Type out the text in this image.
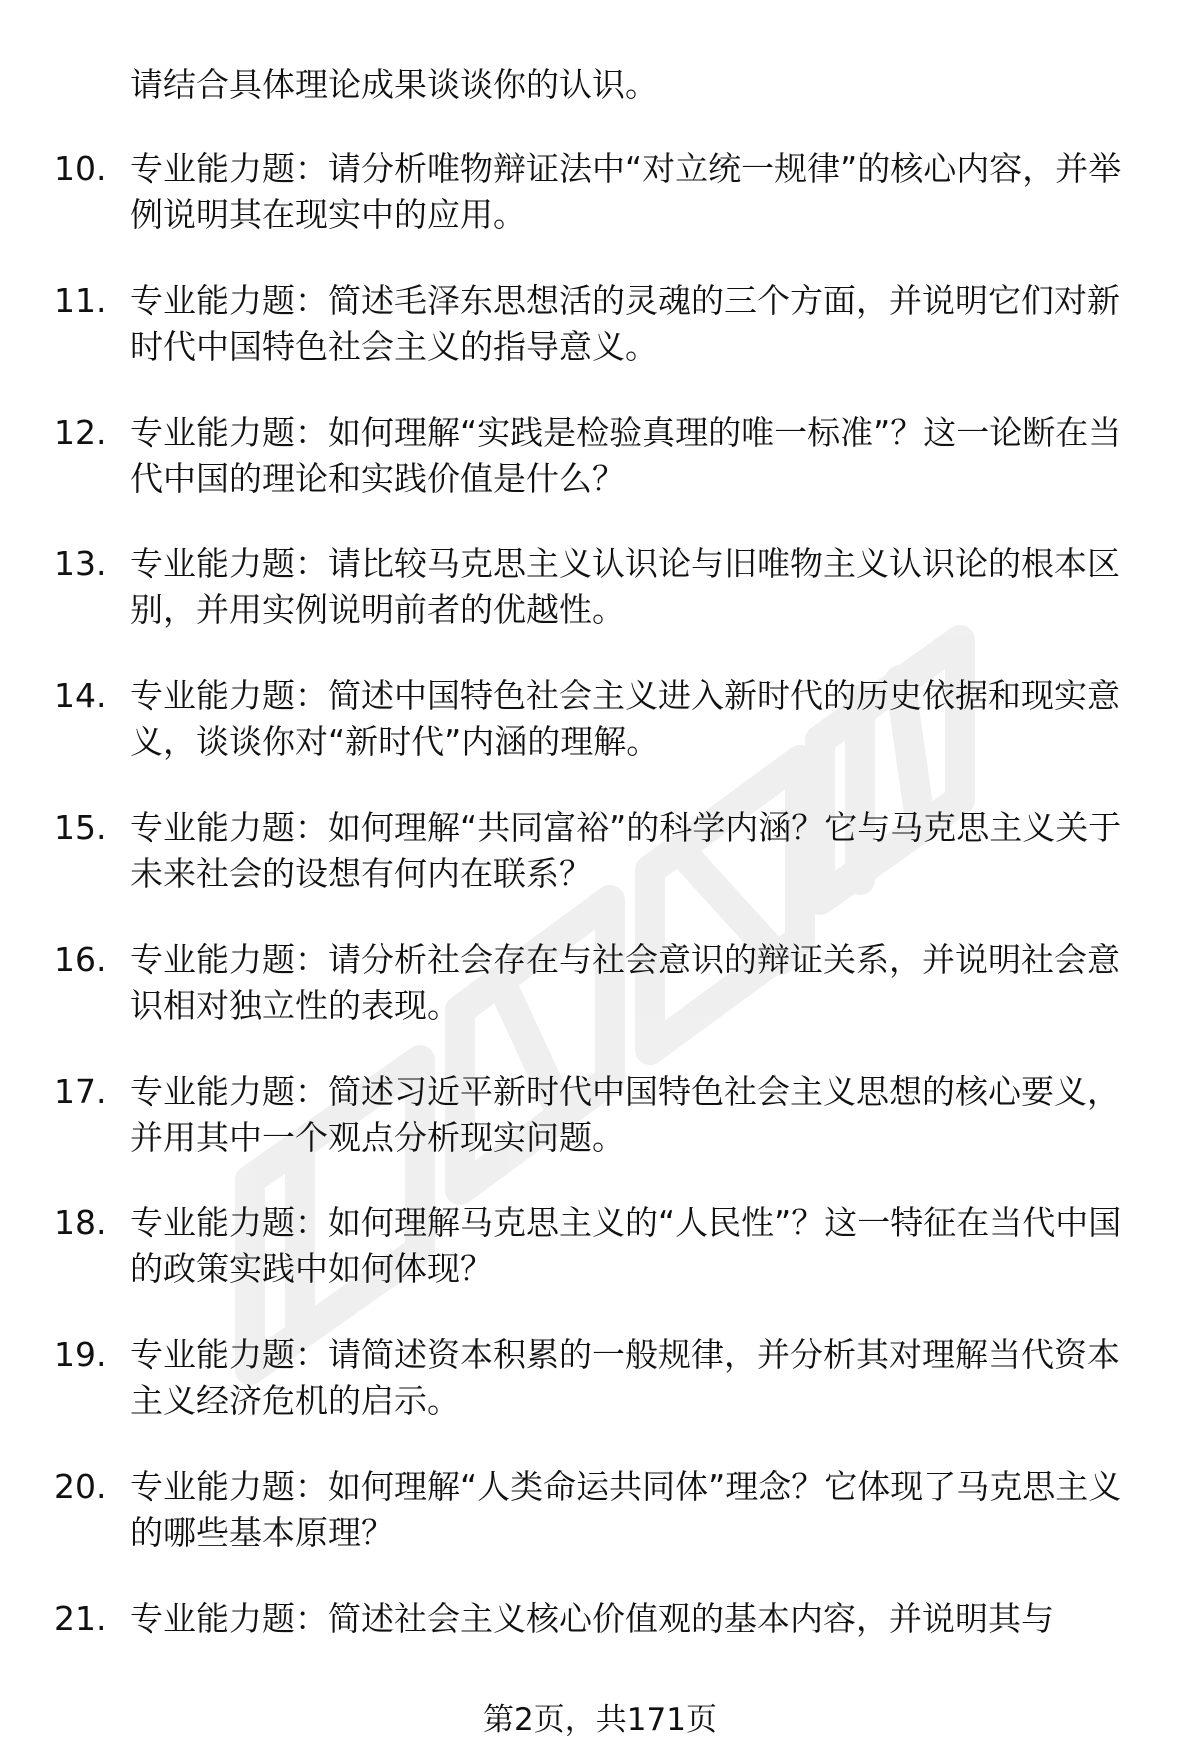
请结合具体理论成果谈谈你的认识。
10. 专业能力题：请分析唯物辩证法中“对立统一规律”的核心内容，并举例说明其在现实中的应用。
11. 专业能力题：简述毛泽东思想活的灵魂的三个方面，并说明它们对新时代中国特色社会主义的指导意义。
12. 专业能力题：如何理解“实践是检验真理的唯一标准”？这一论断在当代中国的理论和实践价值是什么？
13. 专业能力题：请比较马克思主义认识论与旧唯物主义认识论的根本区别，并用实例说明前者的优越性。
14. 专业能力题：简述中国特色社会主义进入新时代的历史依据和现实意义，谈谈你对“新时代”内涵的理解。
15. 专业能力题：如何理解“共同富裕”的科学内涵？它与马克思主义关于未来社会的设想有何内在联系？
16. 专业能力题：请分析社会存在与社会意识的辩证关系，并说明社会意识相对独立性的表现。
17. 专业能力题：简述习近平新时代中国特色社会主义思想的核心要义，并用其中一个观点分析现实问题。
18. 专业能力题：如何理解马克思主义的“人民性”？这一特征在当代中国的政策实践中如何体现？
19. 专业能力题：请简述资本积累的一般规律，并分析其对理解当代资本主义经济危机的启示。
20. 专业能力题：如何理解“人类命运共同体”理念？它体现了马克思主义的哪些基本原理？
21. 专业能力题：简述社会主义核心价值观的基本内容，并说明其与
第2页，共171页
